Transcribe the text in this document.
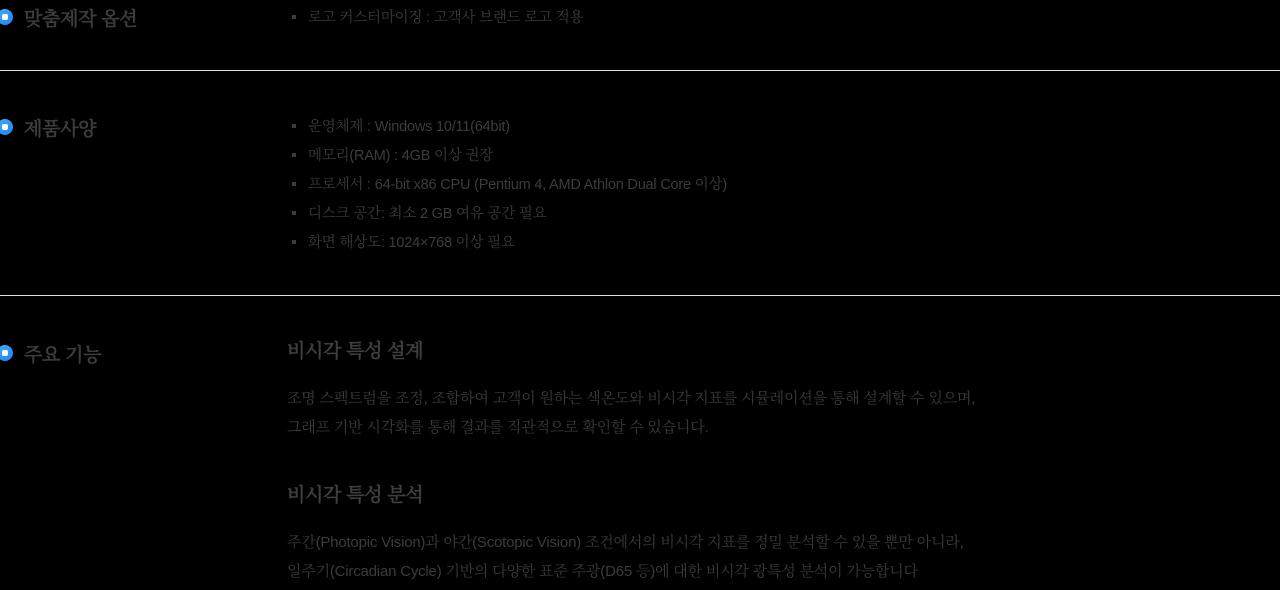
맞춤제작 옵션	로고 커스터마이징 : 고객사 브랜드 로고 적용
제품사양	운영체제 : Windows 10/11(64bit)
메모리(RAM) : 4GB 이상 권장
프로세서 : 64-bit x86 CPU (Pentium 4, AMD Athlon Dual Core 이상)
디스크 공간: 최소 2 GB 여유 공간 필요
화면 해상도: 1024×768 이상 필요
주요 기능	비시각 특성 설계
조명 스펙트럼을 조정, 조합하여 고객이 원하는 색온도와 비시각 지표를 시뮬레이션을 통해 설계할 수 있으며,
그래프 기반 시각화를 통해 결과를 직관적으로 확인할 수 있습니다.
비시각 특성 분석
주간(Photopic Vision)과 야간(Scotopic Vision) 조건에서의 비시각 지표를 정밀 분석할 수 있을 뿐만 아니라,
일주기(Circadian Cycle) 기반의 다양한 표준 주광(D65 등)에 대한 비시각 광특성 분석이 가능합니다
